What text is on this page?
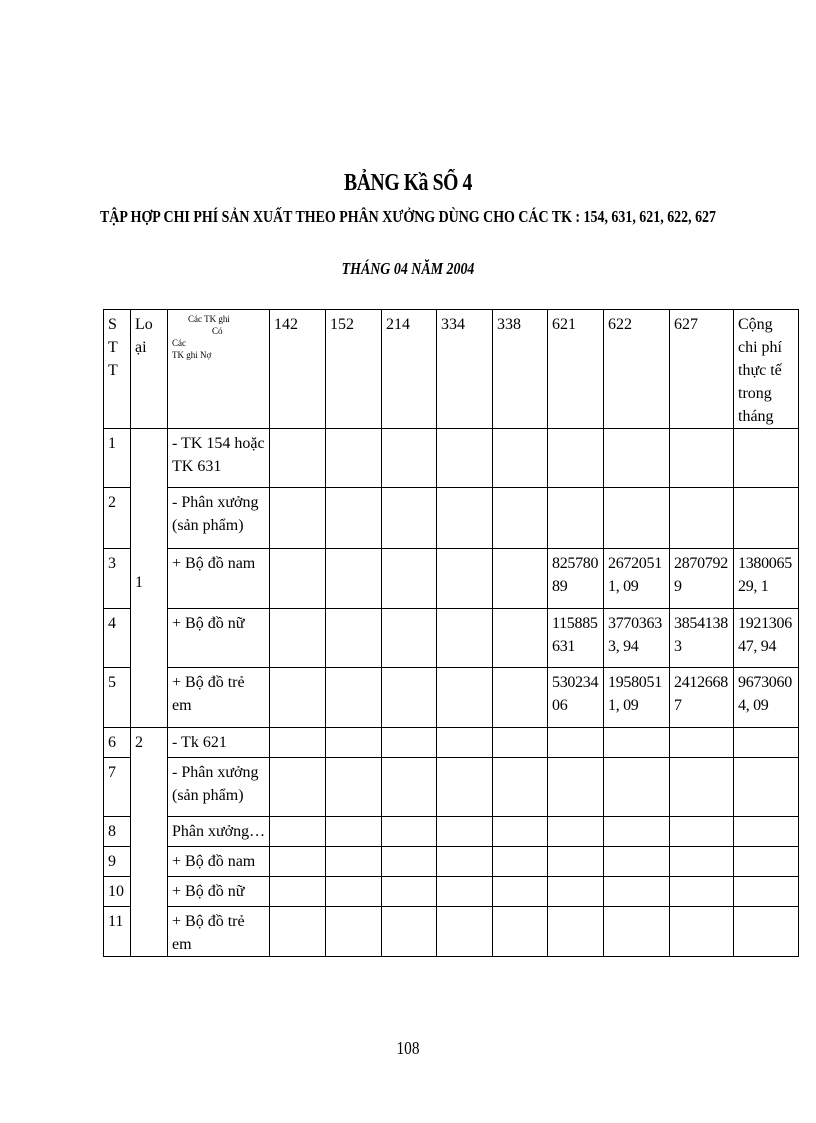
BẢNG Kầ SỐ 4
TẬP HỢP CHI PHÍ SẢN XUẤT THEO PHÂN XƯỞNG DÙNG CHO CÁC TK : 154, 631, 621, 622, 627
THÁNG 04 NĂM 2004
STT	Loại	Các TK ghi
Có
Các
TK ghi Nợ	142	152	214	334	338	621	622	627	Cộng chi phí thực tế trong tháng
1	1	- TK 154 hoặc TK 631									
2		- Phân xưởng (sản phẩm)									
3		+ Bộ đồ nam						82578089	26720511, 09	28707929	138006529, 1
4		+ Bộ đồ nữ						115885631	37703633, 94	38541383	192130647, 94
5		+ Bộ đồ trẻ em						53023406	19580511, 09	24126687	96730604, 09
6	2	- Tk 621									
7		- Phân xưởng (sản phẩm)									
8		Phân xưởng…									
9		+ Bộ đồ nam									
10		+ Bộ đồ nữ									
11		+ Bộ đồ trẻ em									
108
